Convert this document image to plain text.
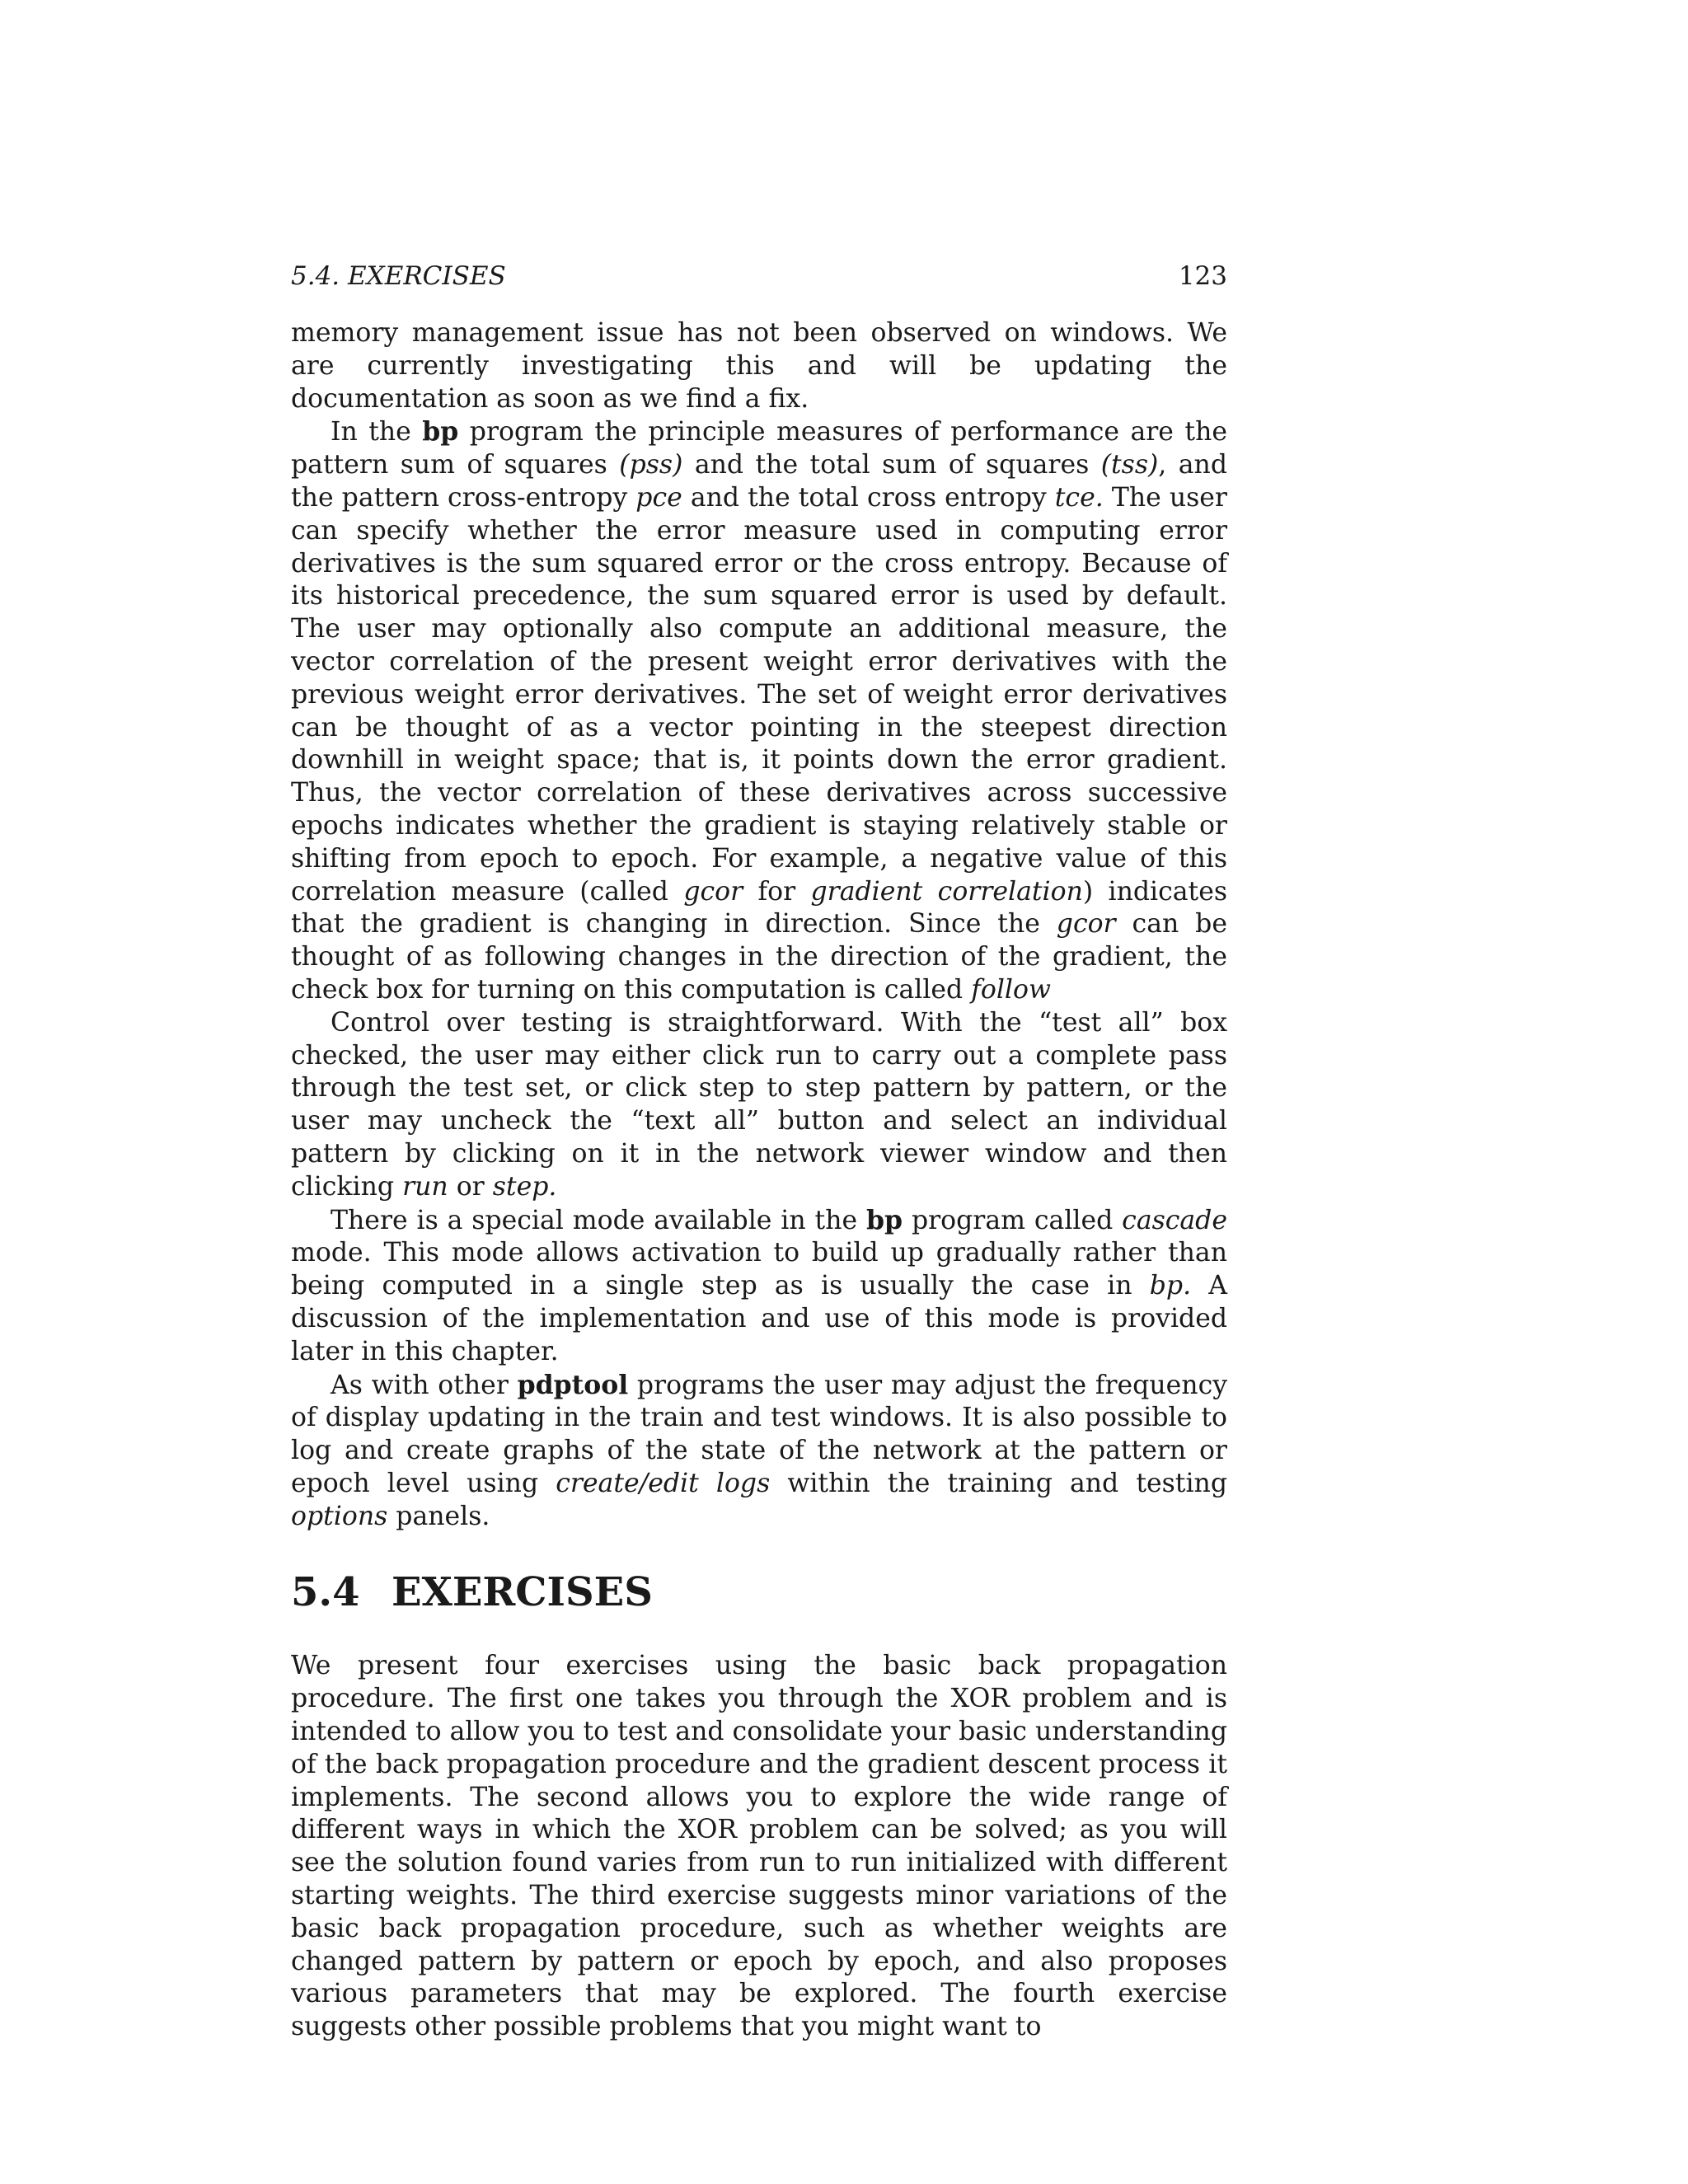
5.4. EXERCISES	123

memory management issue has not been observed on windows. We are currently investigating this and will be updating the documentation as soon as we find a fix.

In the bp program the principle measures of performance are the pattern sum of squares (pss) and the total sum of squares (tss), and the pattern cross-entropy pce and the total cross entropy tce. The user can specify whether the error measure used in computing error derivatives is the sum squared error or the cross entropy. Because of its historical precedence, the sum squared error is used by default. The user may optionally also compute an additional measure, the vector correlation of the present weight error derivatives with the previous weight error derivatives. The set of weight error derivatives can be thought of as a vector pointing in the steepest direction downhill in weight space; that is, it points down the error gradient. Thus, the vector correlation of these derivatives across successive epochs indicates whether the gradient is staying relatively stable or shifting from epoch to epoch. For example, a negative value of this correlation measure (called gcor for gradient correlation) indicates that the gradient is changing in direction. Since the gcor can be thought of as following changes in the direction of the gradient, the check box for turning on this computation is called follow

Control over testing is straightforward. With the “test all” box checked, the user may either click run to carry out a complete pass through the test set, or click step to step pattern by pattern, or the user may uncheck the “text all” button and select an individual pattern by clicking on it in the network viewer window and then clicking run or step.

There is a special mode available in the bp program called cascade mode. This mode allows activation to build up gradually rather than being computed in a single step as is usually the case in bp. A discussion of the implementation and use of this mode is provided later in this chapter.

As with other pdptool programs the user may adjust the frequency of display updating in the train and test windows. It is also possible to log and create graphs of the state of the network at the pattern or epoch level using create/edit logs within the training and testing options panels.

5.4 EXERCISES

We present four exercises using the basic back propagation procedure. The first one takes you through the XOR problem and is intended to allow you to test and consolidate your basic understanding of the back propagation procedure and the gradient descent process it implements. The second allows you to explore the wide range of different ways in which the XOR problem can be solved; as you will see the solution found varies from run to run initialized with different starting weights. The third exercise suggests minor variations of the basic back propagation procedure, such as whether weights are changed pattern by pattern or epoch by epoch, and also proposes various parameters that may be explored. The fourth exercise suggests other possible problems that you might want to
